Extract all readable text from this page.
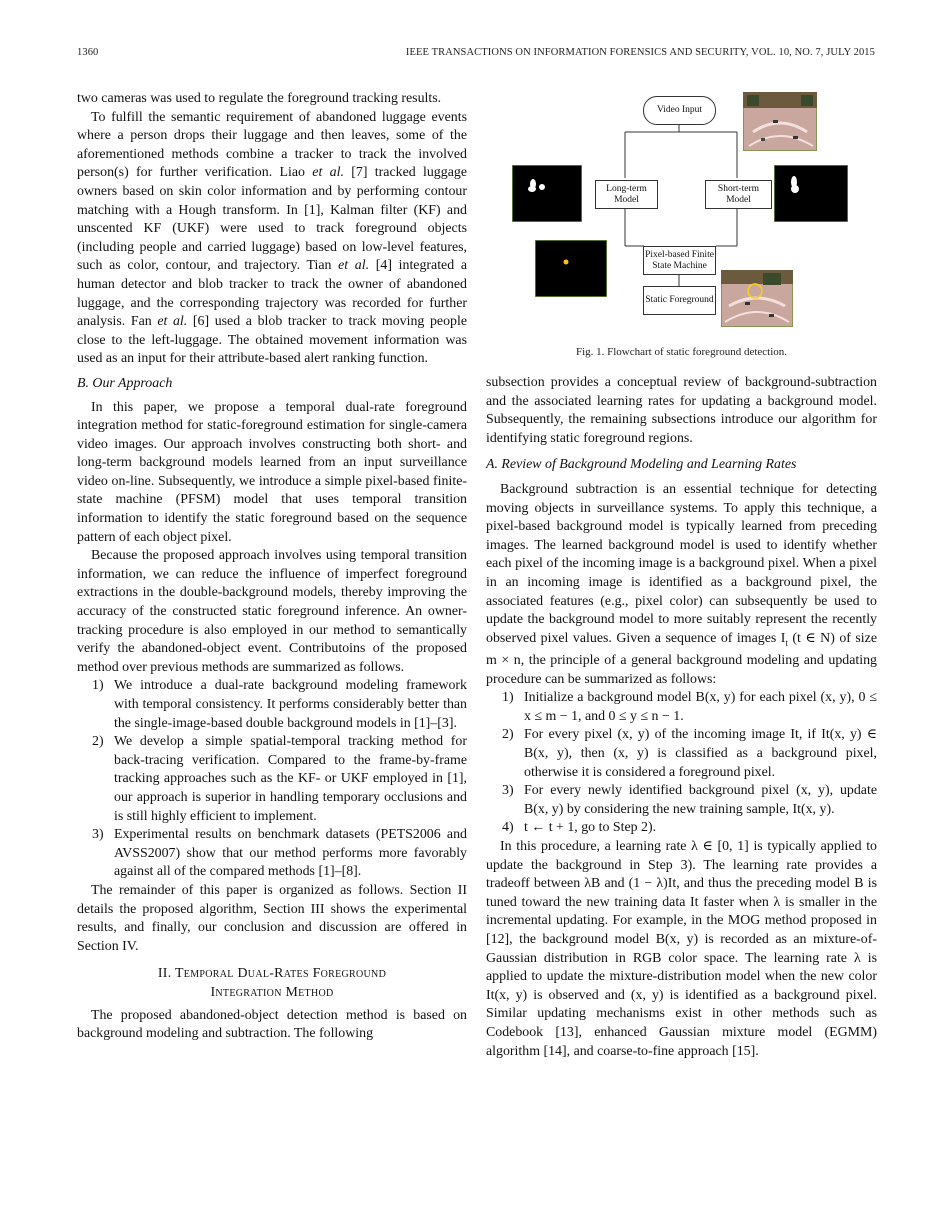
1360	IEEE TRANSACTIONS ON INFORMATION FORENSICS AND SECURITY, VOL. 10, NO. 7, JULY 2015

two cameras was used to regulate the foreground tracking results.

To fulfill the semantic requirement of abandoned luggage events where a person drops their luggage and then leaves, some of the aforementioned methods combine a tracker to track the involved person(s) for further verification. Liao et al. [7] tracked luggage owners based on skin color information and by performing contour matching with a Hough transform. In [1], Kalman filter (KF) and unscented KF (UKF) were used to track foreground objects (including people and carried luggage) based on low-level features, such as color, contour, and trajectory. Tian et al. [4] integrated a human detector and blob tracker to track the owner of abandoned luggage, and the corresponding trajectory was recorded for further analysis. Fan et al. [6] used a blob tracker to track moving people close to the left-luggage. The obtained movement information was used as an input for their attribute-based alert ranking function.

B. Our Approach

In this paper, we propose a temporal dual-rate foreground integration method for static-foreground estimation for single-camera video images. Our approach involves constructing both short- and long-term background models learned from an input surveillance video on-line. Subsequently, we introduce a simple pixel-based finite-state machine (PFSM) model that uses temporal transition information to identify the static foreground based on the sequence pattern of each object pixel.

Because the proposed approach involves using temporal transition information, we can reduce the influence of imperfect foreground extractions in the double-background models, thereby improving the accuracy of the constructed static foreground inference. An owner-tracking procedure is also employed in our method to semantically verify the abandoned-object event. Contributoins of the proposed method over previous methods are summarized as follows.

1) We introduce a dual-rate background modeling framework with temporal consistency. It performs considerably better than the single-image-based double background models in [1]–[3].
2) We develop a simple spatial-temporal tracking method for back-tracing verification. Compared to the frame-by-frame tracking approaches such as the KF- or UKF employed in [1], our approach is superior in handling temporary occlusions and is still highly efficient to implement.
3) Experimental results on benchmark datasets (PETS2006 and AVSS2007) show that our method performs more favorably against all of the compared methods [1]–[8].

The remainder of this paper is organized as follows. Section II details the proposed algorithm, Section III shows the experimental results, and finally, our conclusion and discussion are offered in Section IV.

II. Temporal Dual-Rates Foreground
Integration Method

The proposed abandoned-object detection method is based on background modeling and subtraction. The following

Video Input
Long-term
Model
Short-term
Model
Pixel-based Finite
State Machine
Static Foreground
Fig. 1. Flowchart of static foreground detection.

subsection provides a conceptual review of background-subtraction and the associated learning rates for updating a background model. Subsequently, the remaining subsections introduce our algorithm for identifying static foreground regions.

A. Review of Background Modeling and Learning Rates

Background subtraction is an essential technique for detecting moving objects in surveillance systems. To apply this technique, a pixel-based background model is typically learned from preceding images. The learned background model is used to identify whether each pixel of the incoming image is a background pixel. When a pixel in an incoming image is identified as a background pixel, the associated features (e.g., pixel color) can subsequently be used to update the background model to more suitably represent the recently observed pixel values. Given a sequence of images $I_t$ (t ∈ N) of size m × n, the principle of a general background modeling and updating procedure can be summarized as follows:

1) Initialize a background model B(x, y) for each pixel (x, y), 0 ≤ x ≤ m − 1, and 0 ≤ y ≤ n − 1.
2) For every pixel (x, y) of the incoming image It, if It(x, y) ∈ B(x, y), then (x, y) is classified as a background pixel, otherwise it is considered a foreground pixel.
3) For every newly identified background pixel (x, y), update B(x, y) by considering the new training sample, It(x, y).
4) t ← t + 1, go to Step 2).

In this procedure, a learning rate λ ∈ [0, 1] is typically applied to update the background in Step 3). The learning rate provides a tradeoff between λB and (1 − λ)It, and thus the preceding model B is tuned toward the new training data It faster when λ is smaller in the incremental updating. For example, in the MOG method proposed in [12], the background model B(x, y) is recorded as an mixture-of-Gaussian distribution in RGB color space. The learning rate λ is applied to update the mixture-distribution model when the new color It(x, y) is observed and (x, y) is identified as a background pixel. Similar updating mechanisms exist in other methods such as Codebook [13], enhanced Gaussian mixture model (EGMM) algorithm [14], and coarse-to-fine approach [15].
